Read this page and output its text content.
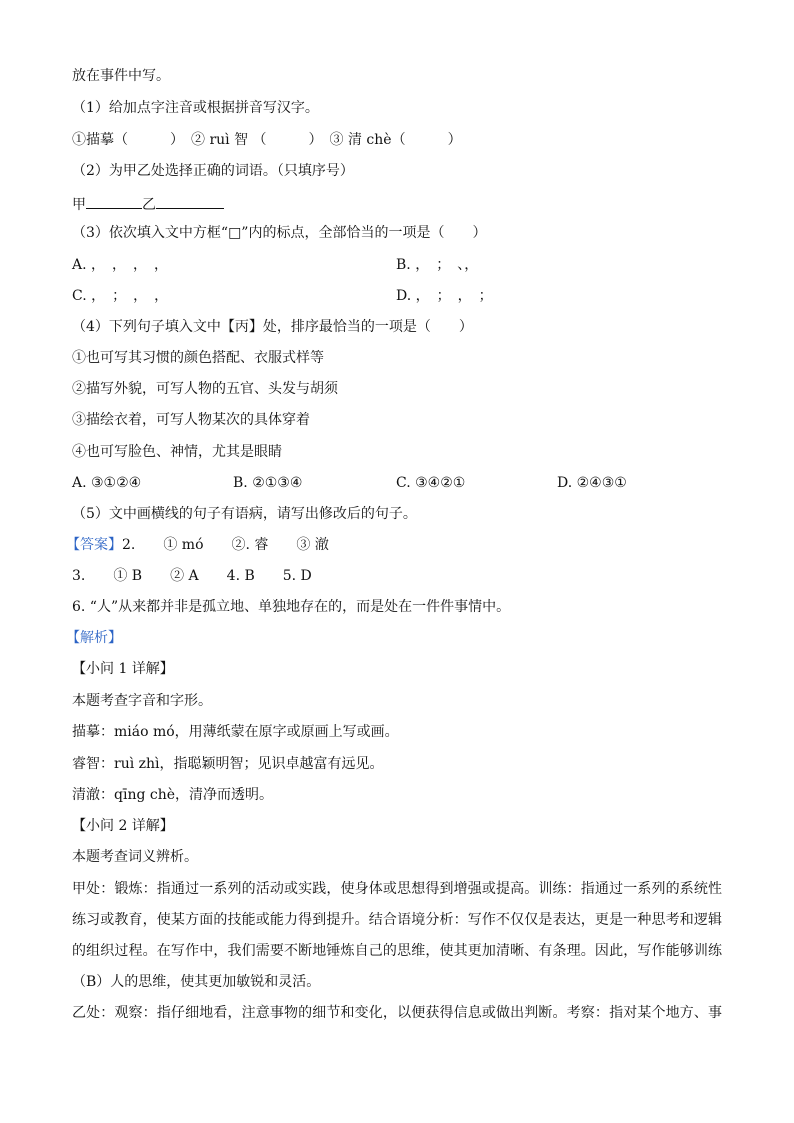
放在事件中写。
（1）给加点字注音或根据拼音写汉字。
①描摹（　　　）　② ruì 智 （　　　）　③ 清 chè（　　　）
（2）为甲乙处选择正确的词语。（只填序号）
甲	乙
（3）依次填入文中方框“□”内的标点，全部恰当的一项是（　　）
A. ，　，　，　，	B. ，　；　、，
C. ，　；　，　，	D. ，　；　，　；
（4）下列句子填入文中【丙】处，排序最恰当的一项是（　　）
①也可写其习惯的颜色搭配、衣服式样等
②描写外貌，可写人物的五官、头发与胡须
③描绘衣着，可写人物某次的具体穿着
④也可写脸色、神情，尤其是眼睛
A. ③①②④	B. ②①③④	C. ③④②①	D. ②④③①
（5）文中画横线的句子有语病，请写出修改后的句子。
【答案】2.　　① mó　　②. 睿　　③ 澈
3.　　① B　　② A　　4. B　　5. D
6. “人”从来都并非是孤立地、单独地存在的，而是处在一件件事情中。
【解析】
【小问 1 详解】
本题考查字音和字形。
描摹：miáo mó，用薄纸蒙在原字或原画上写或画。
睿智：ruì zhì，指聪颖明智；见识卓越富有远见。
清澈：qīng chè，清净而透明。
【小问 2 详解】
本题考查词义辨析。
甲处：锻炼：指通过一系列的活动或实践，使身体或思想得到增强或提高。训练：指通过一系列的系统性
练习或教育，使某方面的技能或能力得到提升。结合语境分析：写作不仅仅是表达，更是一种思考和逻辑
的组织过程。在写作中，我们需要不断地锤炼自己的思维，使其更加清晰、有条理。因此，写作能够训练
（B）人的思维，使其更加敏锐和灵活。
乙处：观察：指仔细地看，注意事物的细节和变化，以便获得信息或做出判断。考察：指对某个地方、事
